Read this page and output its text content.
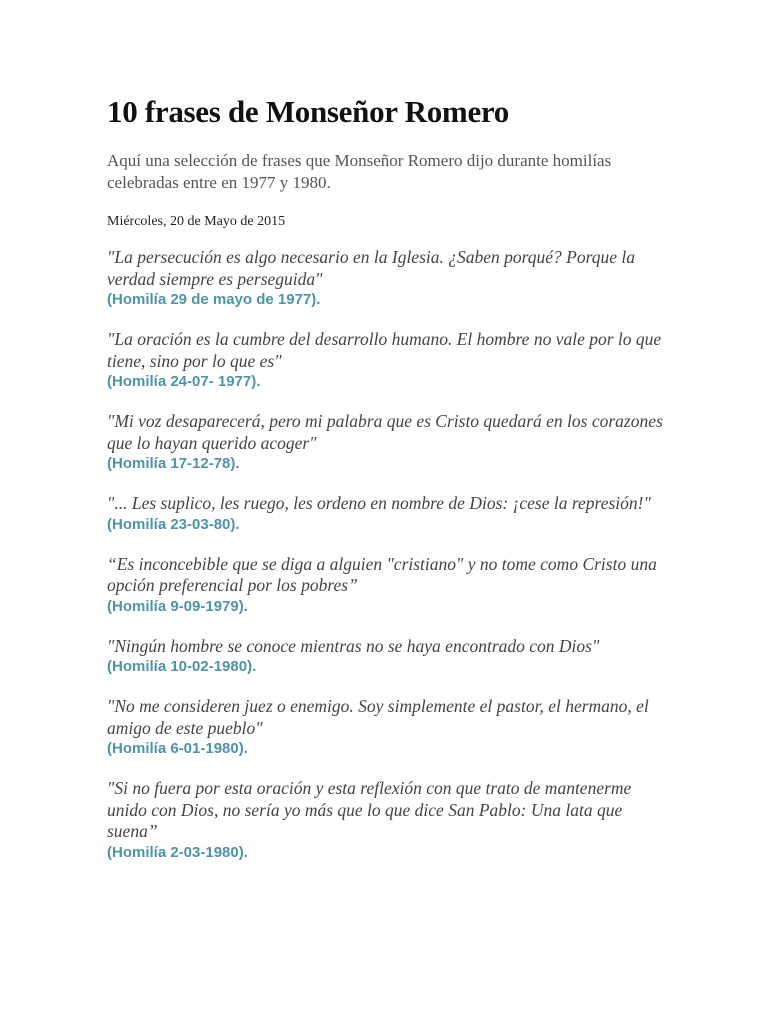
10 frases de Monseñor Romero

Aquí una selección de frases que Monseñor Romero dijo durante homilías celebradas entre en 1977 y 1980.

Miércoles, 20 de Mayo de 2015

"La persecución es algo necesario en la Iglesia. ¿Saben porqué? Porque la verdad siempre es perseguida"
(Homilía 29 de mayo de 1977).
"La oración es la cumbre del desarrollo humano. El hombre no vale por lo que tiene, sino por lo que es"
(Homilía 24-07- 1977).
"Mi voz desaparecerá, pero mi palabra que es Cristo quedará en los corazones que lo hayan querido acoger"
(Homilía 17-12-78).
"... Les suplico, les ruego, les ordeno en nombre de Dios: ¡cese la represión!"
(Homilía 23-03-80).
“Es inconcebible que se diga a alguien "cristiano" y no tome como Cristo una opción preferencial por los pobres”
(Homilía 9-09-1979).
"Ningún hombre se conoce mientras no se haya encontrado con Dios"
(Homilía 10-02-1980).
"No me consideren juez o enemigo. Soy simplemente el pastor, el hermano, el amigo de este pueblo"
(Homilía 6-01-1980).
"Si no fuera por esta oración y esta reflexión con que trato de mantenerme unido con Dios, no sería yo más que lo que dice San Pablo: Una lata que suena”
(Homilía 2-03-1980).
